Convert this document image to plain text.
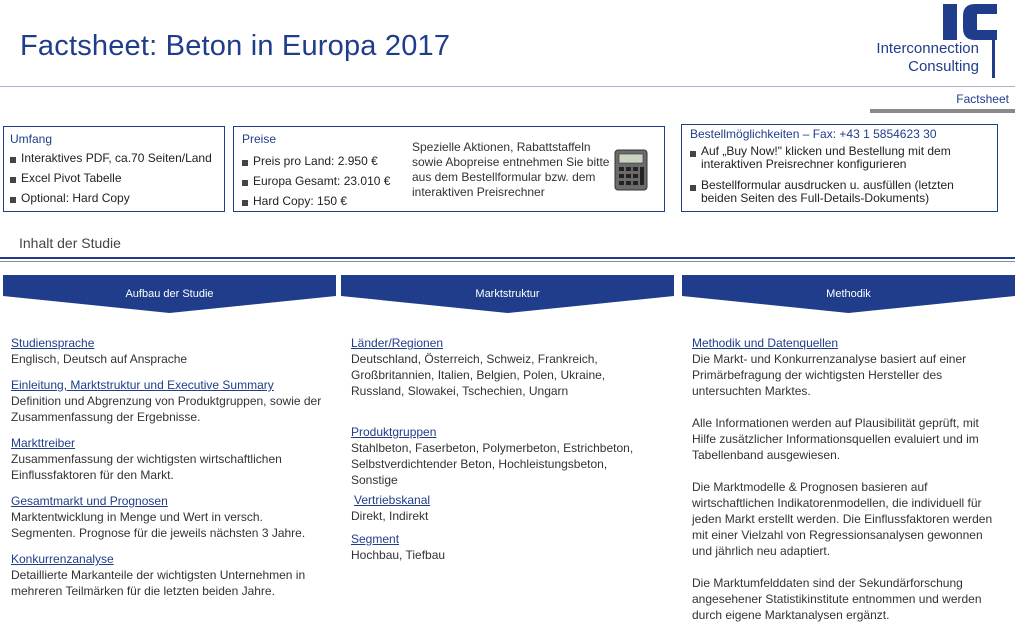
Factsheet: Beton in Europa 2017	Interconnection
Consulting
Factsheet
Umfang
Interaktives PDF, ca.70 Seiten/Land
Excel Pivot Tabelle
Optional: Hard Copy
Preise
Preis pro Land: 2.950 €
Europa Gesamt: 23.010 €
Hard Copy: 150 €
Spezielle Aktionen, Rabattstaffeln sowie Abopreise entnehmen Sie bitte aus dem Bestellformular bzw. dem interaktiven Preisrechner
Bestellmöglichkeiten – Fax: +43 1 5854623 30
Auf „Buy Now!" klicken und Bestellung mit dem interaktiven Preisrechner konfigurieren
Bestellformular ausdrucken u. ausfüllen (letzten beiden Seiten des Full-Details-Dokuments)
Inhalt der Studie
Aufbau der Studie	Marktstruktur	Methodik
Studiensprache

Englisch, Deutsch auf Ansprache

Einleitung, Marktstruktur und Executive Summary

Definition und Abgrenzung von Produktgruppen, sowie der Zusammenfassung der Ergebnisse.

Markttreiber

Zusammenfassung der wichtigsten wirtschaftlichen Einflussfaktoren für den Markt.

Gesamtmarkt und Prognosen

Marktentwicklung in Menge und Wert in versch. Segmenten. Prognose für die jeweils nächsten 3 Jahre.

Konkurrenzanalyse

Detaillierte Markanteile der wichtigsten Unternehmen in mehreren Teilmärken für die letzten beiden Jahre.

Länder/Regionen

Deutschland, Österreich, Schweiz, Frankreich, Großbritannien, Italien, Belgien, Polen, Ukraine, Russland, Slowakei, Tschechien, Ungarn

Produktgruppen

Stahlbeton, Faserbeton, Polymerbeton, Estrichbeton, Selbstverdichtender Beton, Hochleistungsbeton, Sonstige

Vertriebskanal

Direkt, Indirekt

Segment

Hochbau, Tiefbau

Methodik und Datenquellen

Die Markt- und Konkurrenzanalyse basiert auf einer Primärbefragung der wichtigsten Hersteller des untersuchten Marktes.

Alle Informationen werden auf Plausibilität geprüft, mit Hilfe zusätzlicher Informationsquellen evaluiert und im Tabellenband ausgewiesen.

Die Marktmodelle & Prognosen basieren auf wirtschaftlichen Indikatorenmodellen, die individuell für jeden Markt erstellt werden. Die Einflussfaktoren werden mit einer Vielzahl von Regressionsanalysen gewonnen und jährlich neu adaptiert.

Die Marktumfelddaten sind der Sekundärforschung angesehener Statistikinstitute entnommen und werden durch eigene Marktanalysen ergänzt.
